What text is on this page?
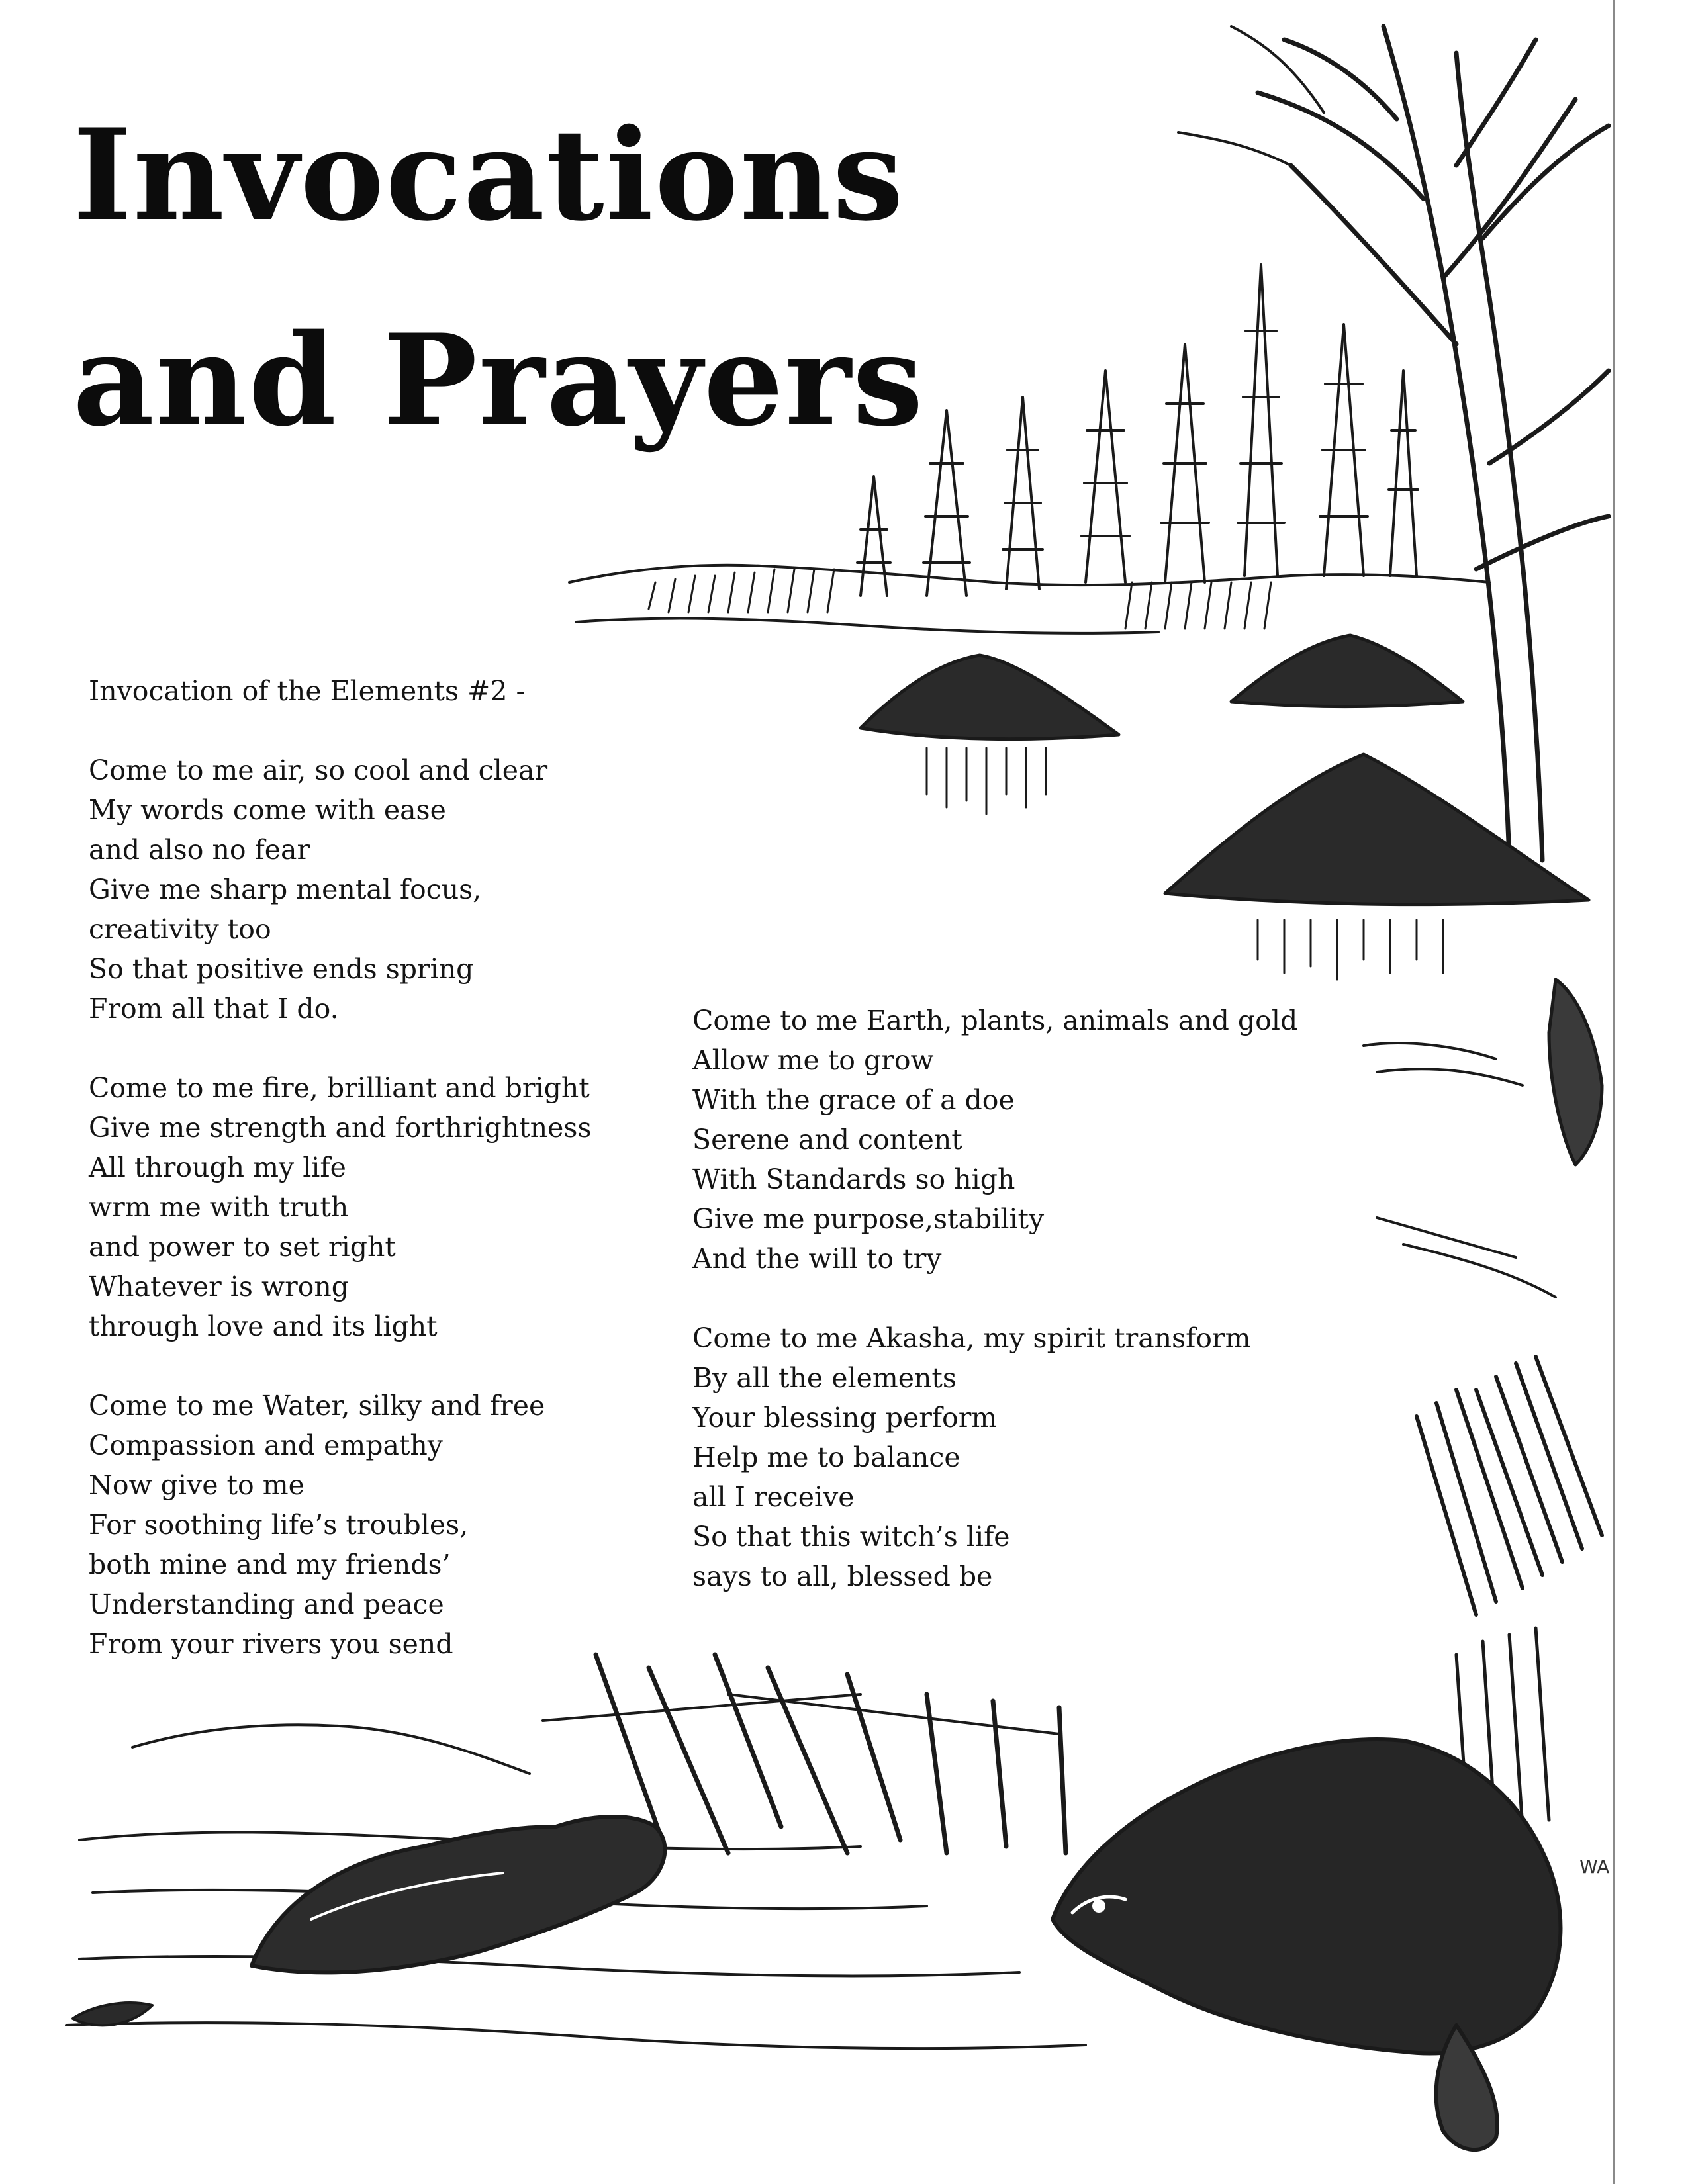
WA
Invocations
and Prayers
Invocation of the Elements #2 -
Come to me air, so cool and clear
My words come with ease
and also no fear
Give me sharp mental focus,
creativity too
So that positive ends spring
From all that I do.
Come to me fire, brilliant and bright
Give me strength and forthrightness
All through my life
wrm me with truth
and power to set right
Whatever is wrong
through love and its light
Come to me Water, silky and free
Compassion and empathy
Now give to me
For soothing life’s troubles,
both mine and my friends’
Understanding and peace
From your rivers you send
Come to me Earth, plants, animals and gold
Allow me to grow
With the grace of a doe
Serene and content
With Standards so high
Give me purpose,stability
And the will to try
Come to me Akasha, my spirit transform
By all the elements
Your blessing perform
Help me to balance
all I receive
So that this witch’s life
says to all, blessed be
